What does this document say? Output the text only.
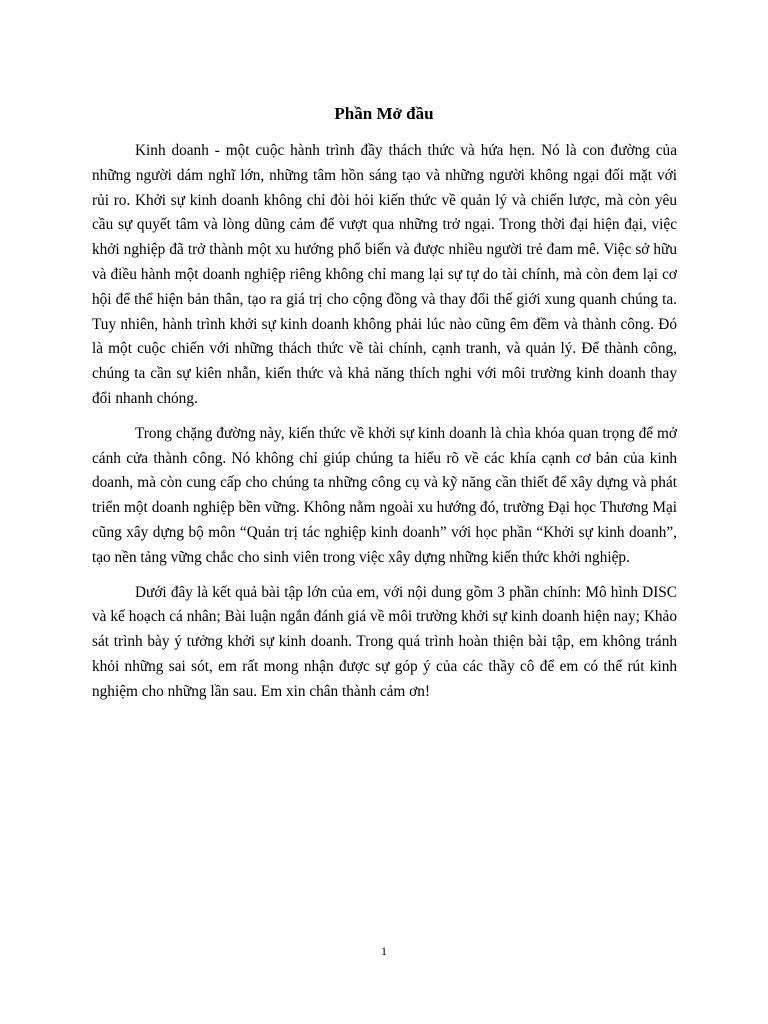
Phần Mở đầu

Kinh doanh - một cuộc hành trình đầy thách thức và hứa hẹn. Nó là con đường của những người dám nghĩ lớn, những tâm hồn sáng tạo và những người không ngại đối mặt với rủi ro. Khởi sự kinh doanh không chỉ đòi hỏi kiến thức về quản lý và chiến lược, mà còn yêu cầu sự quyết tâm và lòng dũng cảm để vượt qua những trở ngại. Trong thời đại hiện đại, việc khởi nghiệp đã trở thành một xu hướng phổ biến và được nhiều người trẻ đam mê. Việc sở hữu và điều hành một doanh nghiệp riêng không chỉ mang lại sự tự do tài chính, mà còn đem lại cơ hội để thể hiện bản thân, tạo ra giá trị cho cộng đồng và thay đổi thế giới xung quanh chúng ta. Tuy nhiên, hành trình khởi sự kinh doanh không phải lúc nào cũng êm đềm và thành công. Đó là một cuộc chiến với những thách thức về tài chính, cạnh tranh, và quản lý. Để thành công, chúng ta cần sự kiên nhẫn, kiến thức và khả năng thích nghi với môi trường kinh doanh thay đổi nhanh chóng.

Trong chặng đường này, kiến thức về khởi sự kinh doanh là chìa khóa quan trọng để mở cánh cửa thành công. Nó không chỉ giúp chúng ta hiểu rõ về các khía cạnh cơ bản của kinh doanh, mà còn cung cấp cho chúng ta những công cụ và kỹ năng cần thiết để xây dựng và phát triển một doanh nghiệp bền vững. Không nằm ngoài xu hướng đó, trường Đại học Thương Mại cũng xây dựng bộ môn “Quản trị tác nghiệp kinh doanh” với học phần “Khởi sự kinh doanh”, tạo nền tảng vững chắc cho sinh viên trong việc xây dựng những kiến thức khởi nghiệp.

Dưới đây là kết quả bài tập lớn của em, với nội dung gồm 3 phần chính: Mô hình DISC và kế hoạch cá nhân; Bài luận ngắn đánh giá về môi trường khởi sự kinh doanh hiện nay; Khảo sát trình bày ý tưởng khởi sự kinh doanh. Trong quá trình hoàn thiện bài tập, em không tránh khỏi những sai sót, em rất mong nhận được sự góp ý của các thầy cô để em có thể rút kinh nghiệm cho những lần sau. Em xin chân thành cảm ơn!

1
